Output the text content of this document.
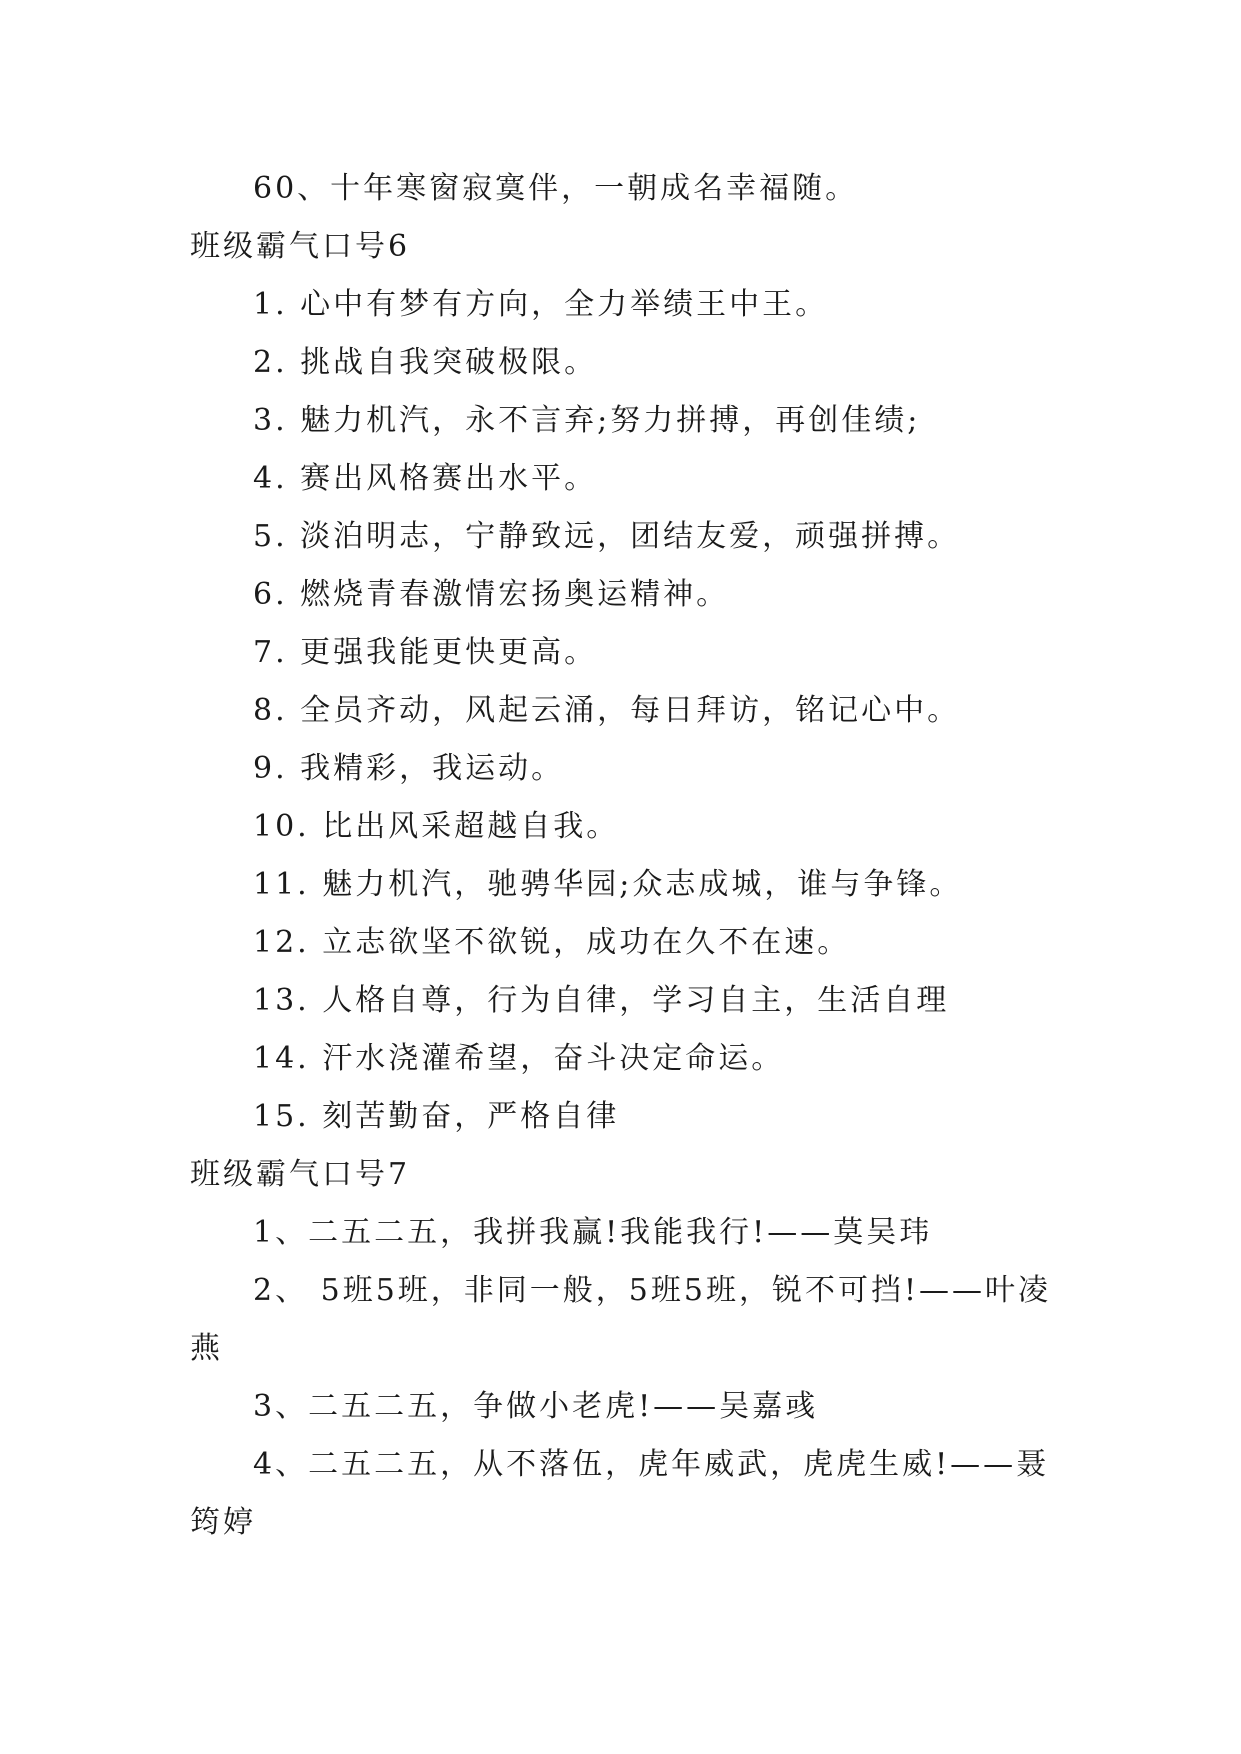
60、十年寒窗寂寞伴，一朝成名幸福随。
班级霸气口号6
1. 心中有梦有方向，全力举绩王中王。
2. 挑战自我突破极限。
3. 魅力机汽，永不言弃;努力拼搏，再创佳绩;
4. 赛出风格赛出水平。
5. 淡泊明志，宁静致远，团结友爱，顽强拼搏。
6. 燃烧青春激情宏扬奥运精神。
7. 更强我能更快更高。
8. 全员齐动，风起云涌，每日拜访，铭记心中。
9. 我精彩，我运动。
10. 比出风采超越自我。
11. 魅力机汽，驰骋华园;众志成城，谁与争锋。
12. 立志欲坚不欲锐，成功在久不在速。
13. 人格自尊，行为自律，学习自主，生活自理
14. 汗水浇灌希望，奋斗决定命运。
15. 刻苦勤奋，严格自律
班级霸气口号7
1、二五二五，我拼我赢!我能我行!——莫吴玮
2、 5班5班，非同一般，5班5班，锐不可挡!——叶凌燕
3、二五二五，争做小老虎!——吴嘉彧
4、二五二五，从不落伍，虎年威武，虎虎生威!——聂筠婷
